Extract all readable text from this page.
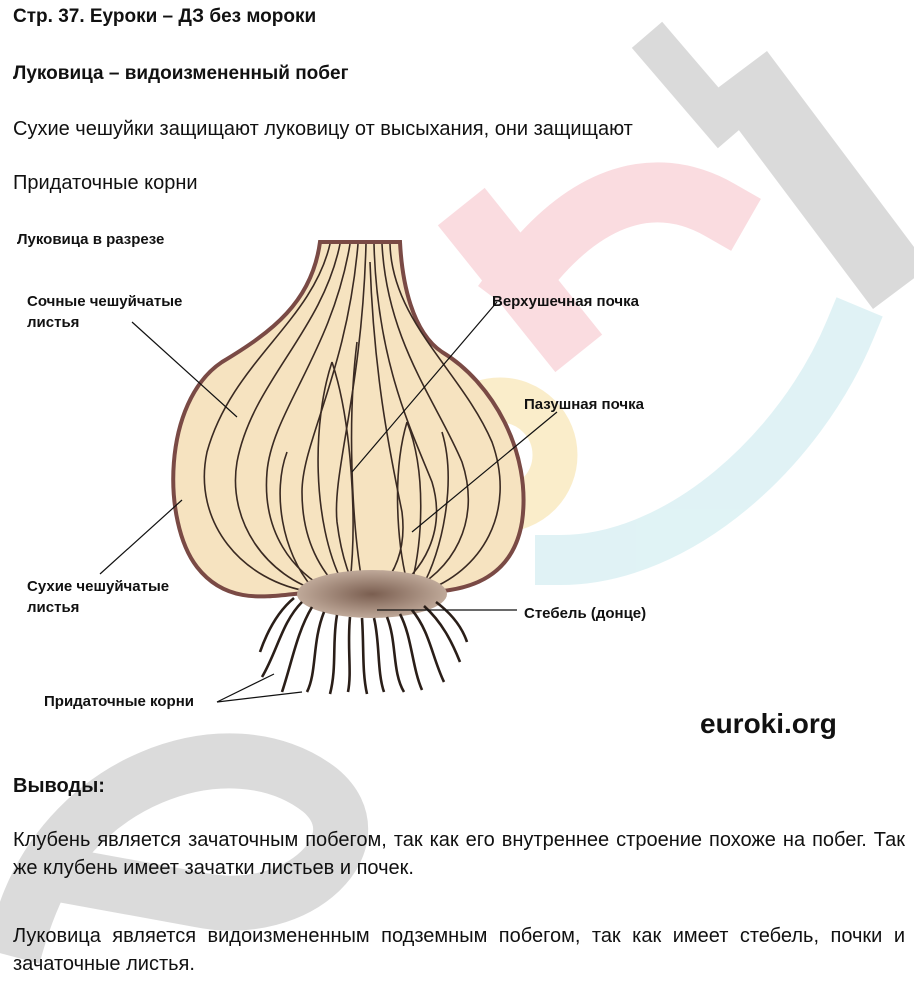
Стр. 37. Еуроки – ДЗ без мороки

Луковица – видоизмененный побег

Сухие чешуйки защищают луковицу от высыхания, они защищают

Придаточные корни

Луковица в разрезе

Сочные чешуйчатые

листья

Верхушечная почка

Пазушная почка

Сухие чешуйчатые

листья	Стебель (донце)

Придаточные корни

euroki.org

Выводы:

Клубень является зачаточным побегом, так как его внутреннее строение похоже на побег. Так же клубень имеет зачатки листьев и почек.

Луковица является видоизмененным подземным побегом, так как имеет стебель, почки и зачаточные листья.
